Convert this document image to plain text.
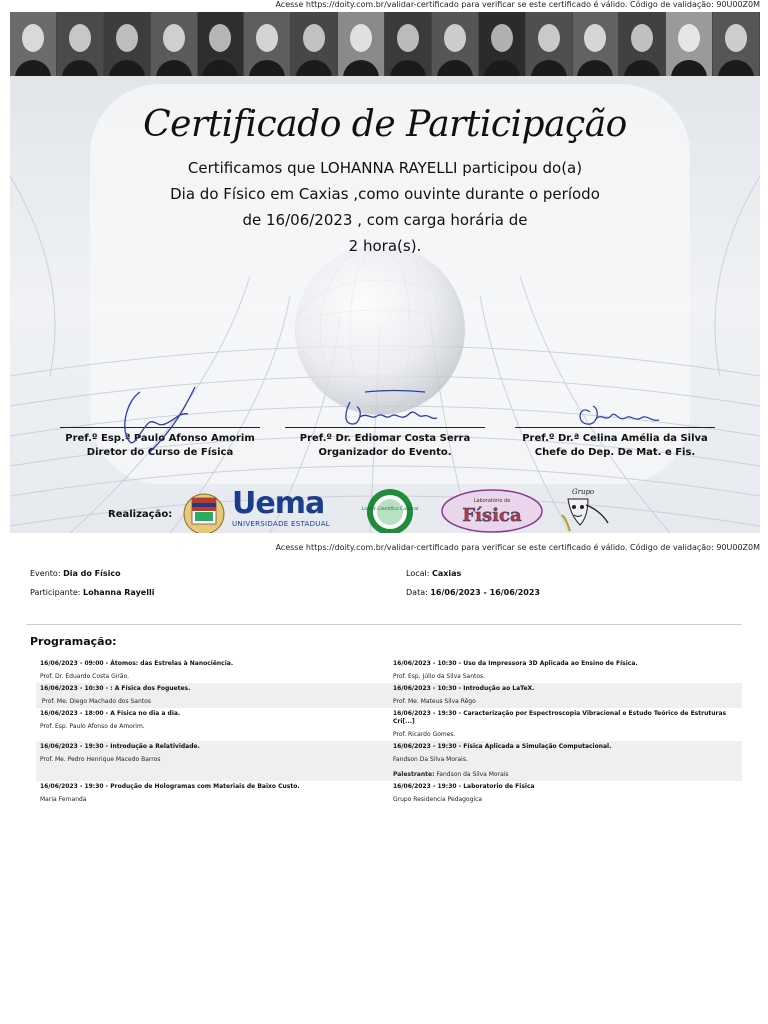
Acesse https://doity.com.br/validar-certificado para verificar se este certificado é válido. Código de validação: 90U00Z0M
Certificado de Participação
Certificamos que LOHANNA RAYELLI participou do(a)
Dia do Físico em Caxias ,como ouvinte durante o período
de 16/06/2023 , com carga horária de
2 hora(s).
Pref.º Esp.ª Paulo Afonso Amorim
Diretor do Curso de Física
Pref.º Dr. Ediomar Costa Serra
Organizador do Evento.
Pref.º Dr.ª Celina Amélia da Silva
Chefe do Dep. De Mat. e Fis.
Realização: Uema
UNIVERSIDADE ESTADUAL
LaMat Científico Cultural
Laboratório de
Física
Grupo
Acesse https://doity.com.br/validar-certificado para verificar se este certificado é válido. Código de validação: 90U00Z0M
Evento: Dia do Físico	Local: Caxias
Participante: Lohanna Rayelli	Data: 16/06/2023 - 16/06/2023
Programação:
16/06/2023 - 09:00 - Átomos: das Estrelas à Nanociência.
Prof. Dr. Eduardo Costa Girão.
16/06/2023 - 10:30 - Uso da Impressora 3D Aplicada ao Ensino de Física.
Prof. Esp. Júlio da Silva Santos.
16/06/2023 - 10:30 - : A Física dos Foguetes.
Prof. Me. Diego Machado dos Santos
16/06/2023 - 10:30 - Introdução ao LaTeX.
Prof. Me. Mateus Silva Rêgo
16/06/2023 - 18:00 - A Física no dia a dia.
Prof. Esp. Paulo Afonso de Amorim.
16/06/2023 - 19:30 - Caracterização por Espectroscopia Vibracional e Estudo Teórico de Estruturas Cri[...]
Prof. Ricardo Gomes.
16/06/2023 - 19:30 - Introdução a Relatividade.
Prof. Me. Pedro Henrique Macedo Barros
16/06/2023 - 19:30 - Física Aplicada a Simulação Computacional.
Fandson Da Silva Morais.
Palestrante: Fandson da Silva Morais
16/06/2023 - 19:30 - Produção de Hologramas com Materiais de Baixo Custo.
Maria Fernanda
16/06/2023 - 19:30 - Laboratorio de Fisica
Grupo Residencia Pedagogica
